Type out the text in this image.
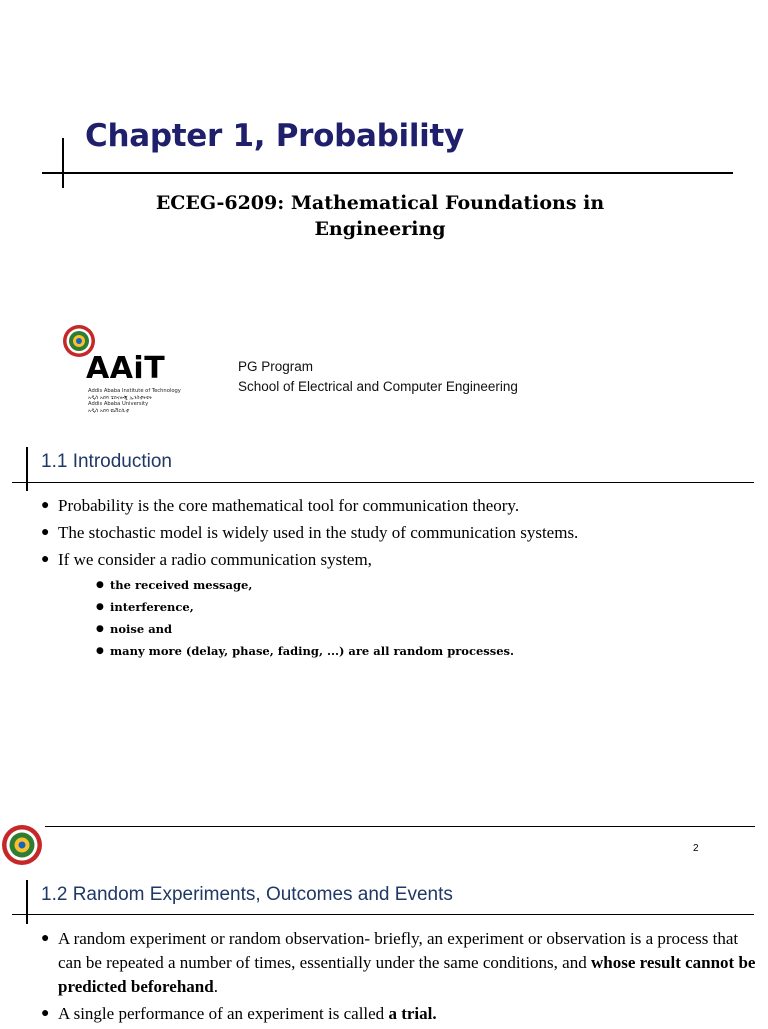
Chapter 1, Probability
ECEG-6209: Mathematical Foundations in
Engineering
AAiT
Addis Ababa Institute of Technology
አዲስ አበባ ቴክኖሎጂ ኢንስቲትዩት
Addis Ababa University
አዲስ አበባ ዩኒቨርሲቲ
PG Program
School of Electrical and Computer Engineering
1.1 Introduction
● Probability is the core mathematical tool for communication theory.
● The stochastic model is widely used in the study of communication systems.
● If we consider a radio communication system,
● the received message,
● interference,
● noise and
● many more (delay, phase, fading, ...) are all random processes.
2
1.2 Random Experiments, Outcomes and Events
● A random experiment or random observation- briefly, an experiment or observation is a process that can be repeated a number of times, essentially under the same conditions, and whose result cannot be predicted beforehand.
● A single performance of an experiment is called a trial.
